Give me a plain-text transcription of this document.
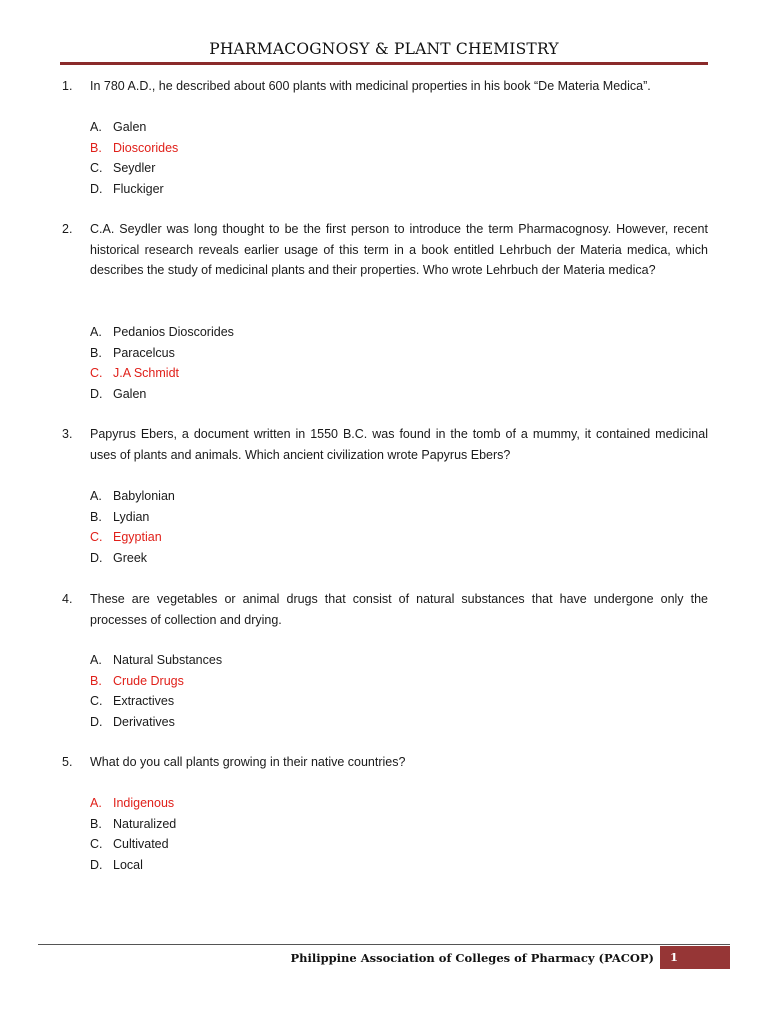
PHARMACOGNOSY & PLANT CHEMISTRY
1.	In 780 A.D., he described about 600 plants with medicinal properties in his book “De Materia Medica”.
A. Galen
B. Dioscorides
C. Seydler
D. Fluckiger
2.	C.A. Seydler was long thought to be the first person to introduce the term Pharmacognosy. However, recent historical research reveals earlier usage of this term in a book entitled Lehrbuch der Materia medica, which describes the study of medicinal plants and their properties. Who wrote Lehrbuch der Materia medica?
A. Pedanios Dioscorides
B. Paracelcus
C. J.A Schmidt
D. Galen
3.	Papyrus Ebers, a document written in 1550 B.C. was found in the tomb of a mummy, it contained medicinal uses of plants and animals. Which ancient civilization wrote Papyrus Ebers?
A. Babylonian
B. Lydian
C. Egyptian
D. Greek
4.	These are vegetables or animal drugs that consist of natural substances that have undergone only the processes of collection and drying.
A. Natural Substances
B. Crude Drugs
C. Extractives
D. Derivatives
5.	What do you call plants growing in their native countries?
A. Indigenous
B. Naturalized
C. Cultivated
D. Local
Philippine Association of Colleges of Pharmacy (PACOP)	1
